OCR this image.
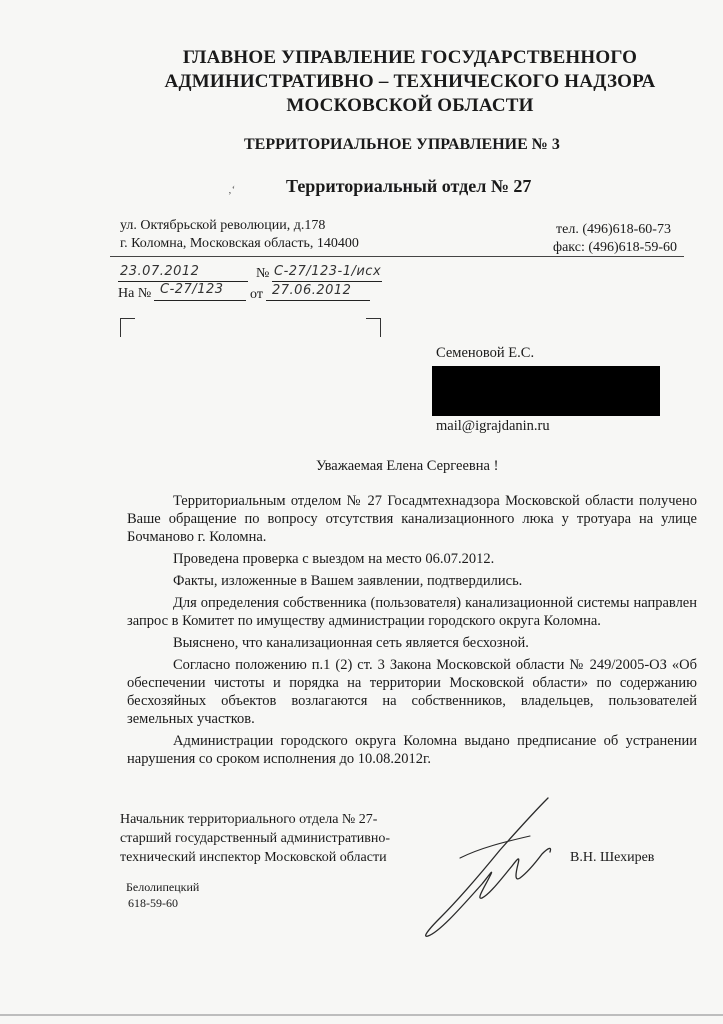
ГЛАВНОЕ УПРАВЛЕНИЕ ГОСУДАРСТВЕННОГО
АДМИНИСТРАТИВНО – ТЕХНИЧЕСКОГО НАДЗОРА
МОСКОВСКОЙ ОБЛАСТИ
ТЕРРИТОРИАЛЬНОЕ УПРАВЛЕНИЕ № 3
‚ʻ	Территориальный отдел № 27
ул. Октябрьской революции, д.178
г. Коломна, Московская область, 140400
тел. (496)618-60-73
факс: (496)618-59-60
23.07.2012	№ С-27/123-1/исх
На № С-27/123 от 27.06.2012
Семеновой Е.С.
mail@igrajdanin.ru
Уважаемая Елена Сергеевна !

Территориальным отделом № 27 Госадмтехнадзора Московской области получено Ваше обращение по вопросу отсутствия канализационного люка у тротуара на улице Бочманово г. Коломна.

Проведена проверка с выездом на место 06.07.2012.

Факты, изложенные в Вашем заявлении, подтвердились.

Для определения собственника (пользователя) канализационной системы направлен запрос в Комитет по имуществу администрации городского округа Коломна.

Выяснено, что канализационная сеть является бесхозной.

Согласно положению п.1 (2) ст. 3 Закона Московской области № 249/2005-ОЗ «Об обеспечении чистоты и порядка на территории Московской области» по содержанию бесхозяйных объектов возлагаются на собственников, владельцев, пользователей земельных участков.

Администрации городского округа Коломна выдано предписание об устранении нарушения со сроком исполнения до 10.08.2012г.

Начальник территориального отдела № 27-
старший государственный административно-
технический инспектор Московской области	В.Н. Шехирев
Белолипецкий
618-59-60
